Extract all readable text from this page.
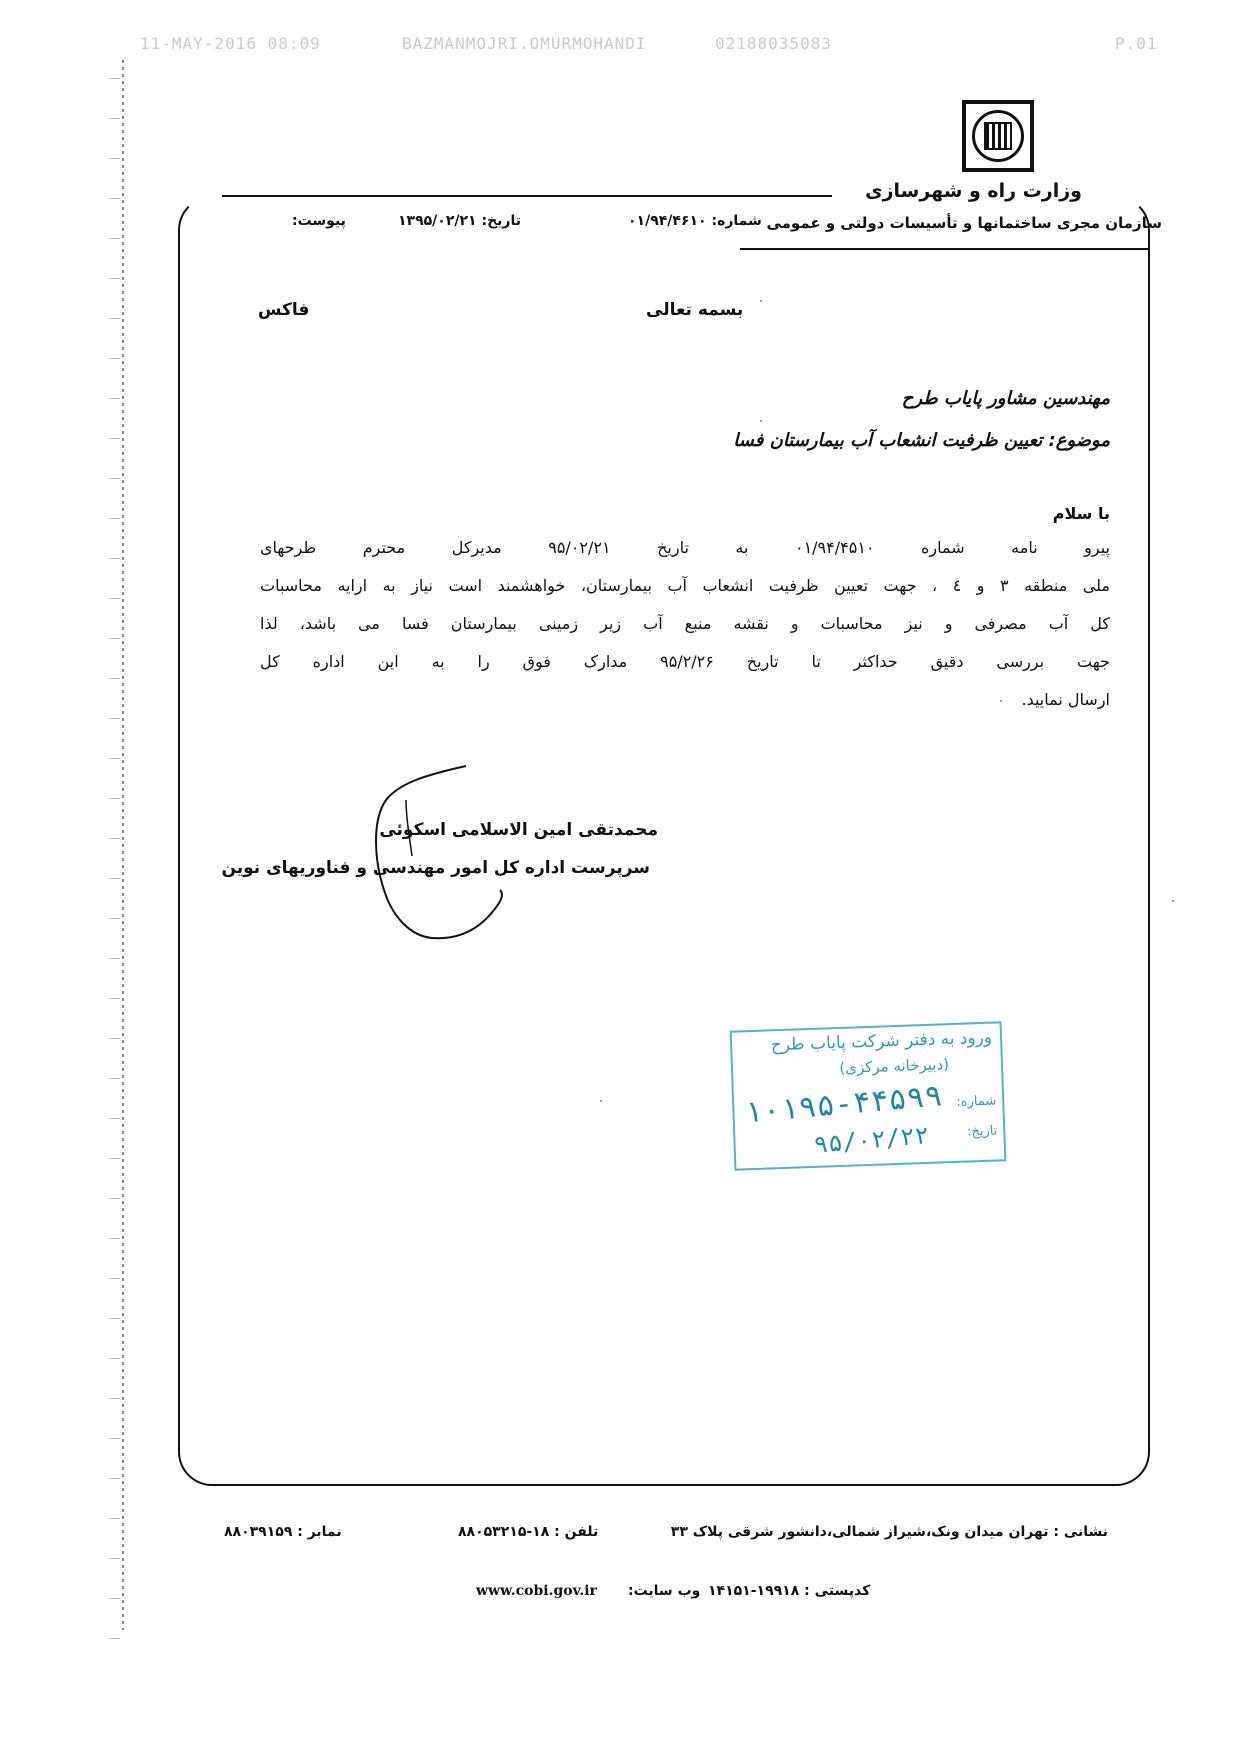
11-MAY-2016 08:09	BAZMANMOJRI.OMURMOHANDI	02188035083	P.01
وزارت راه و شهرسازی
سازمان مجری ساختمانها و تأسیسات دولتی و عمومی
شماره: ۰۱/۹۴/۴۶۱۰
تاریخ: ۱۳۹۵/۰۲/۲۱
پیوست:
بسمه تعالی
فاکس
مهندسین مشاور پایاب طرح
موضوع: تعیین ظرفیت انشعاب آب بیمارستان فسا
با سلام
پیرو نامه شماره ۰۱/۹۴/۴۵۱۰ به تاریخ ۹۵/۰۲/۲۱ مدیرکل محترم طرحهای
ملی منطقه ۳ و ٤ ، جهت تعیین ظرفیت انشعاب آب بیمارستان، خواهشمند است نیاز به ارایه محاسبات
کل آب مصرفی و نیز محاسبات و نقشه منبع آب زیر زمینی بیمارستان فسا می باشد، لذا
جهت بررسی دقیق حداکثر تا تاریخ ۹۵/۲/۲۶ مدارک فوق را به این اداره کل
ارسال نمایید.
محمدتقی امین الاسلامی اسکوئی
سرپرست اداره کل امور مهندسی و فناوریهای نوین
ورود به دفتر شرکت پایاب طرح
(دبیرخانه مرکزی)
شماره:
تاریخ:
۱۰۱۹۵-۴۴۵۹۹
۹۵/۰۲/۲۲
نشانی : تهران میدان ونک،شیراز شمالی،دانشور شرقی پلاک ۳۳
تلفن : ۱۸-۸۸۰۵۳۲۱۵
نمابر : ۸۸۰۳۹۱۵۹
کدپستی : ۱۹۹۱۸-۱۴۱۵۱
وب سایت:
www.cobi.gov.ir
